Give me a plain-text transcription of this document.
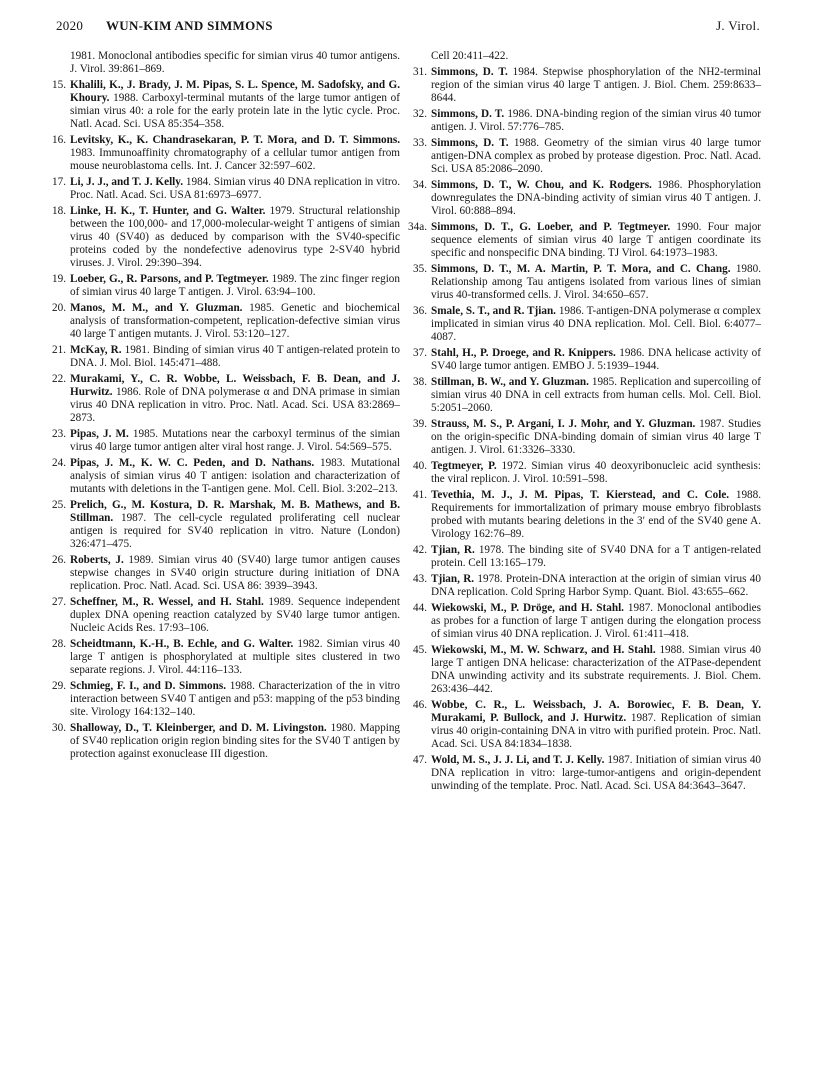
2020 WUN-KIM AND SIMMONS	J. Virol.

1981. Monoclonal antibodies specific for simian virus 40 tumor antigens. J. Virol. 39:861–869.

15. Khalili, K., J. Brady, J. M. Pipas, S. L. Spence, M. Sadofsky, and G. Khoury. 1988. Carboxyl-terminal mutants of the large tumor antigen of simian virus 40: a role for the early protein late in the lytic cycle. Proc. Natl. Acad. Sci. USA 85:354–358.

16. Levitsky, K., K. Chandrasekaran, P. T. Mora, and D. T. Simmons. 1983. Immunoaffinity chromatography of a cellular tumor antigen from mouse neuroblastoma cells. Int. J. Cancer 32:597–602.

17. Li, J. J., and T. J. Kelly. 1984. Simian virus 40 DNA replication in vitro. Proc. Natl. Acad. Sci. USA 81:6973–6977.

18. Linke, H. K., T. Hunter, and G. Walter. 1979. Structural relationship between the 100,000- and 17,000-molecular-weight T antigens of simian virus 40 (SV40) as deduced by comparison with the SV40-specific proteins coded by the nondefective adenovirus type 2-SV40 hybrid viruses. J. Virol. 29:390–394.

19. Loeber, G., R. Parsons, and P. Tegtmeyer. 1989. The zinc finger region of simian virus 40 large T antigen. J. Virol. 63:94–100.

20. Manos, M. M., and Y. Gluzman. 1985. Genetic and biochemical analysis of transformation-competent, replication-defective simian virus 40 large T antigen mutants. J. Virol. 53:120–127.

21. McKay, R. 1981. Binding of simian virus 40 T antigen-related protein to DNA. J. Mol. Biol. 145:471–488.

22. Murakami, Y., C. R. Wobbe, L. Weissbach, F. B. Dean, and J. Hurwitz. 1986. Role of DNA polymerase α and DNA primase in simian virus 40 DNA replication in vitro. Proc. Natl. Acad. Sci. USA 83:2869–2873.

23. Pipas, J. M. 1985. Mutations near the carboxyl terminus of the simian virus 40 large tumor antigen alter viral host range. J. Virol. 54:569–575.

24. Pipas, J. M., K. W. C. Peden, and D. Nathans. 1983. Mutational analysis of simian virus 40 T antigen: isolation and characterization of mutants with deletions in the T-antigen gene. Mol. Cell. Biol. 3:202–213.

25. Prelich, G., M. Kostura, D. R. Marshak, M. B. Mathews, and B. Stillman. 1987. The cell-cycle regulated proliferating cell nuclear antigen is required for SV40 replication in vitro. Nature (London) 326:471–475.

26. Roberts, J. 1989. Simian virus 40 (SV40) large tumor antigen causes stepwise changes in SV40 origin structure during initiation of DNA replication. Proc. Natl. Acad. Sci. USA 86: 3939–3943.

27. Scheffner, M., R. Wessel, and H. Stahl. 1989. Sequence independent duplex DNA opening reaction catalyzed by SV40 large tumor antigen. Nucleic Acids Res. 17:93–106.

28. Scheidtmann, K.-H., B. Echle, and G. Walter. 1982. Simian virus 40 large T antigen is phosphorylated at multiple sites clustered in two separate regions. J. Virol. 44:116–133.

29. Schmieg, F. I., and D. Simmons. 1988. Characterization of the in vitro interaction between SV40 T antigen and p53: mapping of the p53 binding site. Virology 164:132–140.

30. Shalloway, D., T. Kleinberger, and D. M. Livingston. 1980. Mapping of SV40 replication origin region binding sites for the SV40 T antigen by protection against exonuclease III digestion.

Cell 20:411–422.

31. Simmons, D. T. 1984. Stepwise phosphorylation of the NH2-terminal region of the simian virus 40 large T antigen. J. Biol. Chem. 259:8633–8644.

32. Simmons, D. T. 1986. DNA-binding region of the simian virus 40 tumor antigen. J. Virol. 57:776–785.

33. Simmons, D. T. 1988. Geometry of the simian virus 40 large tumor antigen-DNA complex as probed by protease digestion. Proc. Natl. Acad. Sci. USA 85:2086–2090.

34. Simmons, D. T., W. Chou, and K. Rodgers. 1986. Phosphorylation downregulates the DNA-binding activity of simian virus 40 T antigen. J. Virol. 60:888–894.

34a. Simmons, D. T., G. Loeber, and P. Tegtmeyer. 1990. Four major sequence elements of simian virus 40 large T antigen coordinate its specific and nonspecific DNA binding. TJ Virol. 64:1973–1983.

35. Simmons, D. T., M. A. Martin, P. T. Mora, and C. Chang. 1980. Relationship among Tau antigens isolated from various lines of simian virus 40-transformed cells. J. Virol. 34:650–657.

36. Smale, S. T., and R. Tjian. 1986. T-antigen-DNA polymerase α complex implicated in simian virus 40 DNA replication. Mol. Cell. Biol. 6:4077–4087.

37. Stahl, H., P. Droege, and R. Knippers. 1986. DNA helicase activity of SV40 large tumor antigen. EMBO J. 5:1939–1944.

38. Stillman, B. W., and Y. Gluzman. 1985. Replication and supercoiling of simian virus 40 DNA in cell extracts from human cells. Mol. Cell. Biol. 5:2051–2060.

39. Strauss, M. S., P. Argani, I. J. Mohr, and Y. Gluzman. 1987. Studies on the origin-specific DNA-binding domain of simian virus 40 large T antigen. J. Virol. 61:3326–3330.

40. Tegtmeyer, P. 1972. Simian virus 40 deoxyribonucleic acid synthesis: the viral replicon. J. Virol. 10:591–598.

41. Tevethia, M. J., J. M. Pipas, T. Kierstead, and C. Cole. 1988. Requirements for immortalization of primary mouse embryo fibroblasts probed with mutants bearing deletions in the 3′ end of the SV40 gene A. Virology 162:76–89.

42. Tjian, R. 1978. The binding site of SV40 DNA for a T antigen-related protein. Cell 13:165–179.

43. Tjian, R. 1978. Protein-DNA interaction at the origin of simian virus 40 DNA replication. Cold Spring Harbor Symp. Quant. Biol. 43:655–662.

44. Wiekowski, M., P. Dröge, and H. Stahl. 1987. Monoclonal antibodies as probes for a function of large T antigen during the elongation process of simian virus 40 DNA replication. J. Virol. 61:411–418.

45. Wiekowski, M., M. W. Schwarz, and H. Stahl. 1988. Simian virus 40 large T antigen DNA helicase: characterization of the ATPase-dependent DNA unwinding activity and its substrate requirements. J. Biol. Chem. 263:436–442.

46. Wobbe, C. R., L. Weissbach, J. A. Borowiec, F. B. Dean, Y. Murakami, P. Bullock, and J. Hurwitz. 1987. Replication of simian virus 40 origin-containing DNA in vitro with purified protein. Proc. Natl. Acad. Sci. USA 84:1834–1838.

47. Wold, M. S., J. J. Li, and T. J. Kelly. 1987. Initiation of simian virus 40 DNA replication in vitro: large-tumor-antigens and origin-dependent unwinding of the template. Proc. Natl. Acad. Sci. USA 84:3643–3647.
